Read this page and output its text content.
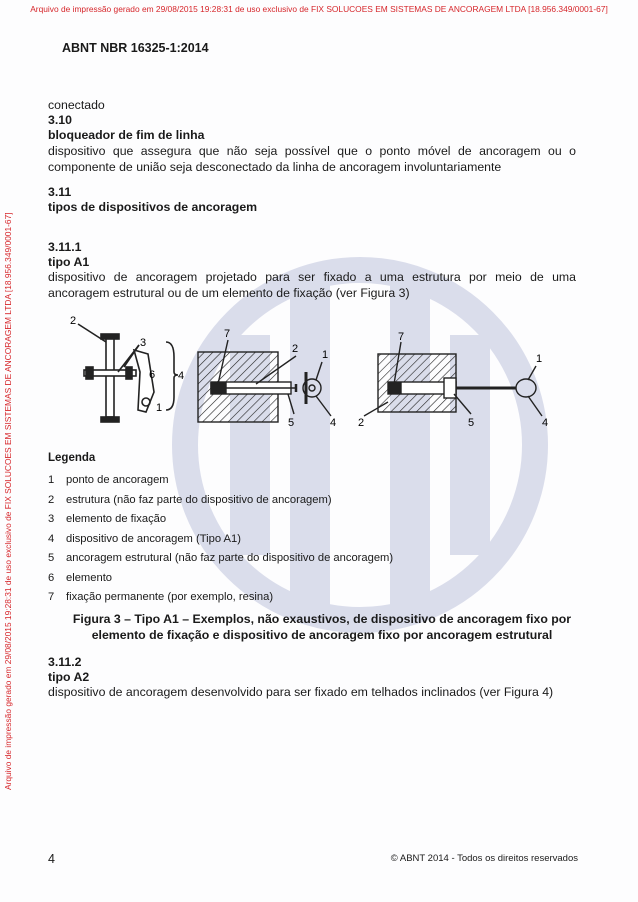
Arquivo de impressão gerado em 29/08/2015 19:28:31 de uso exclusivo de FIX SOLUCOES EM SISTEMAS DE ANCORAGEM LTDA [18.956.349/0001-67]
Arquivo de impressão gerado em 29/08/2015 19:28:31 de uso exclusivo de FIX SOLUCOES EM SISTEMAS DE ANCORAGEM LTDA [18.956.349/0001-67]
ABNT NBR 16325-1:2014
conectado
3.10
bloqueador de fim de linha
dispositivo que assegura que não seja possível que o ponto móvel de ancoragem ou o componente de união seja desconectado da linha de ancoragem involuntariamente
3.11
tipos de dispositivos de ancoragem
3.11.1
tipo A1
dispositivo de ancoragem projetado para ser fixado a uma estrutura por meio de uma ancoragem estrutural ou de um elemento de fixação (ver Figura 3)
2
3
6 4
1
7
2 1
5	4
7
1
2	5	4
Legenda
1	ponto de ancoragem
2	estrutura (não faz parte do dispositivo de ancoragem)
3	elemento de fixação
4	dispositivo de ancoragem (Tipo A1)
5	ancoragem estrutural (não faz parte do dispositivo de ancoragem)
6	elemento
7	fixação permanente (por exemplo, resina)
Figura 3 – Tipo A1 – Exemplos, não exaustivos, de dispositivo de ancoragem fixo por
elemento de fixação e dispositivo de ancoragem fixo por ancoragem estrutural
3.11.2
tipo A2
dispositivo de ancoragem desenvolvido para ser fixado em telhados inclinados (ver Figura 4)
4	© ABNT 2014 - Todos os direitos reservados
